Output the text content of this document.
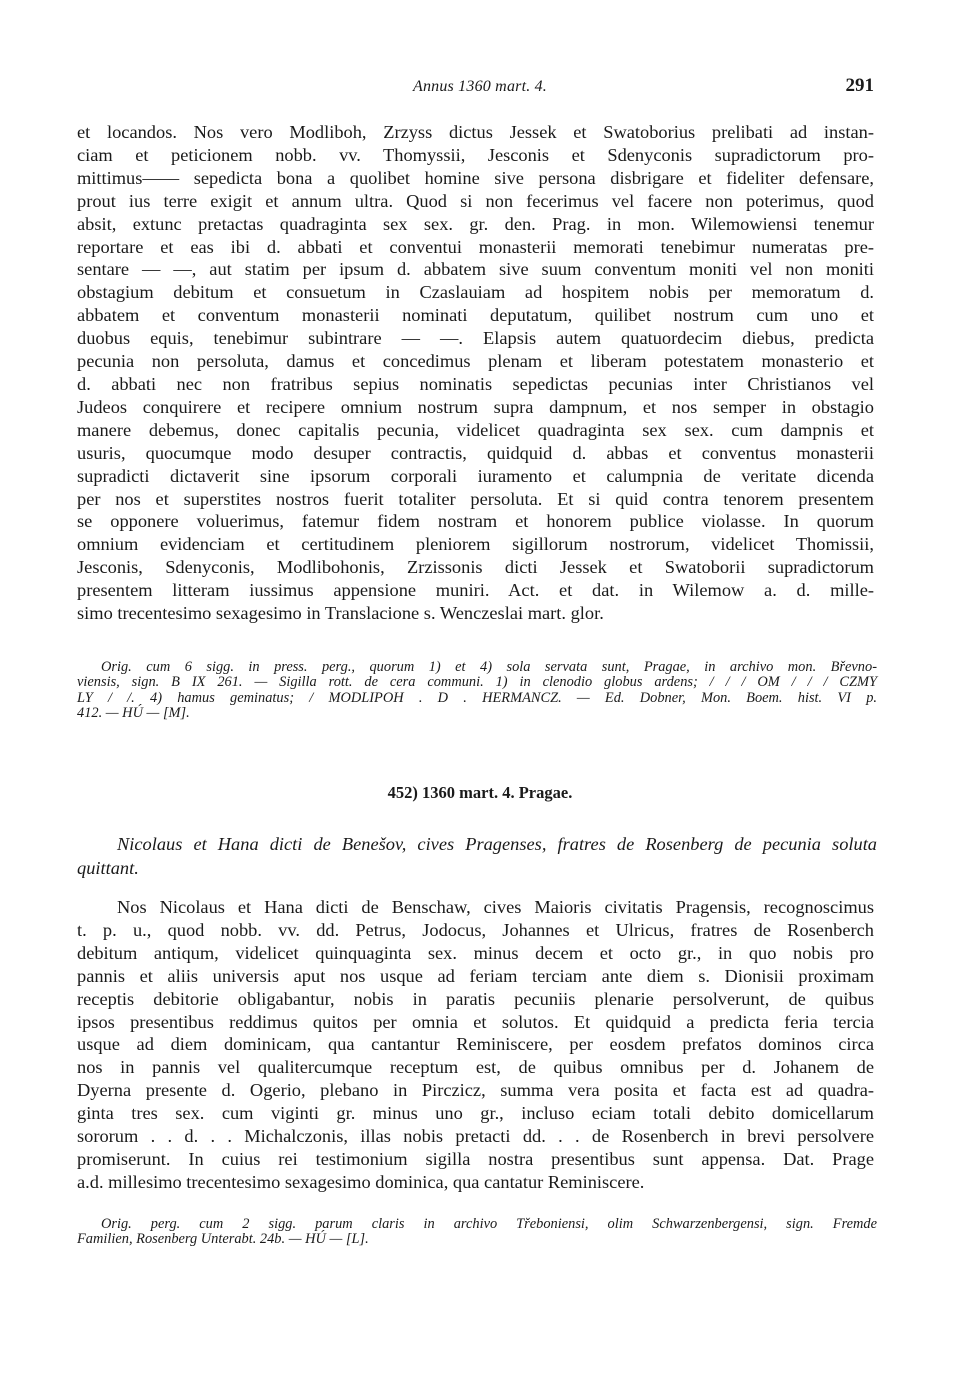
Annus 1360 mart. 4.	291
et locandos. Nos vero Modliboh, Zrzyss dictus Jessek et Swatoborius prelibati ad instan-
ciam et peticionem nobb. vv. Thomyssii, Jesconis et Sdenyconis supradictorum pro-
mittimus—— sepedicta bona a quolibet homine sive persona disbrigare et fideliter defensare,
prout ius terre exigit et annum ultra. Quod si non fecerimus vel facere non poterimus, quod
absit, extunc pretactas quadraginta sex sex. gr. den. Prag. in mon. Wilemowiensi tenemur
reportare et eas ibi d. abbati et conventui monasterii memorati tenebimur numeratas pre-
sentare — —, aut statim per ipsum d. abbatem sive suum conventum moniti vel non moniti
obstagium debitum et consuetum in Czaslauiam ad hospitem nobis per memoratum d.
abbatem et conventum monasterii nominati deputatum, quilibet nostrum cum uno et
duobus equis, tenebimur subintrare — —. Elapsis autem quatuordecim diebus, predicta
pecunia non persoluta, damus et concedimus plenam et liberam potestatem monasterio et
d. abbati nec non fratribus sepius nominatis sepedictas pecunias inter Christianos vel
Judeos conquirere et recipere omnium nostrum supra dampnum, et nos semper in obstagio
manere debemus, donec capitalis pecunia, videlicet quadraginta sex sex. cum dampnis et
usuris, quocumque modo desuper contractis, quidquid d. abbas et conventus monasterii
supradicti dictaverit sine ipsorum corporali iuramento et calumpnia de veritate dicenda
per nos et superstites nostros fuerit totaliter persoluta. Et si quid contra tenorem presentem
se opponere voluerimus, fatemur fidem nostram et honorem publice violasse. In quorum
omnium evidenciam et certitudinem pleniorem sigillorum nostrorum, videlicet Thomissii,
Jesconis, Sdenyconis, Modlibohonis, Zrzissonis dicti Jessek et Swatoborii supradictorum
presentem litteram iussimus appensione muniri. Act. et dat. in Wilemow a. d. mille-
simo trecentesimo sexagesimo in Translacione s. Wenczeslai mart. glor.
Orig. cum 6 sigg. in press. perg., quorum 1) et 4) sola servata sunt, Pragae, in archivo mon. Břevno-
viensis, sign. B IX 261. — Sigilla rott. de cera communi. 1) in clenodio globus ardens; / / / OM / / / CZMY
LY / /. 4) hamus geminatus; / MODLIPOH . D . HERMANCZ. — Ed. Dobner, Mon. Boem. hist. VI p.
412. — HÚ — [M].
452) 1360 mart. 4. Pragae.
Nicolaus et Hana dicti de Benešov, cives Pragenses, fratres de Rosenberg de pecunia soluta
quittant.
Nos Nicolaus et Hana dicti de Benschaw, cives Maioris civitatis Pragensis, recognoscimus
t. p. u., quod nobb. vv. dd. Petrus, Jodocus, Johannes et Ulricus, fratres de Rosenberch
debitum antiqum, videlicet quinquaginta sex. minus decem et octo gr., in quo nobis pro
pannis et aliis universis aput nos usque ad feriam terciam ante diem s. Dionisii proximam
receptis debitorie obligabantur, nobis in paratis pecuniis plenarie persolverunt, de quibus
ipsos presentibus reddimus quitos per omnia et solutos. Et quidquid a predicta feria tercia
usque ad diem dominicam, qua cantantur Reminiscere, per eosdem prefatos dominos circa
nos in pannis vel qualitercumque receptum est, de quibus omnibus per d. Johanem de
Dyerna presente d. Ogerio, plebano in Pirczicz, summa vera posita et facta est ad quadra-
ginta tres sex. cum viginti gr. minus uno gr., incluso eciam totali debito domicellarum
sororum . . d. . . Michalczonis, illas nobis pretacti dd. . . de Rosenberch in brevi persolvere
promiserunt. In cuius rei testimonium sigilla nostra presentibus sunt appensa. Dat. Prage
a.d. millesimo trecentesimo sexagesimo dominica, qua cantatur Reminiscere.
Orig. perg. cum 2 sigg. parum claris in archivo Třeboniensi, olim Schwarzenbergensi, sign. Fremde
Familien, Rosenberg Unterabt. 24b. — HÚ — [L].
